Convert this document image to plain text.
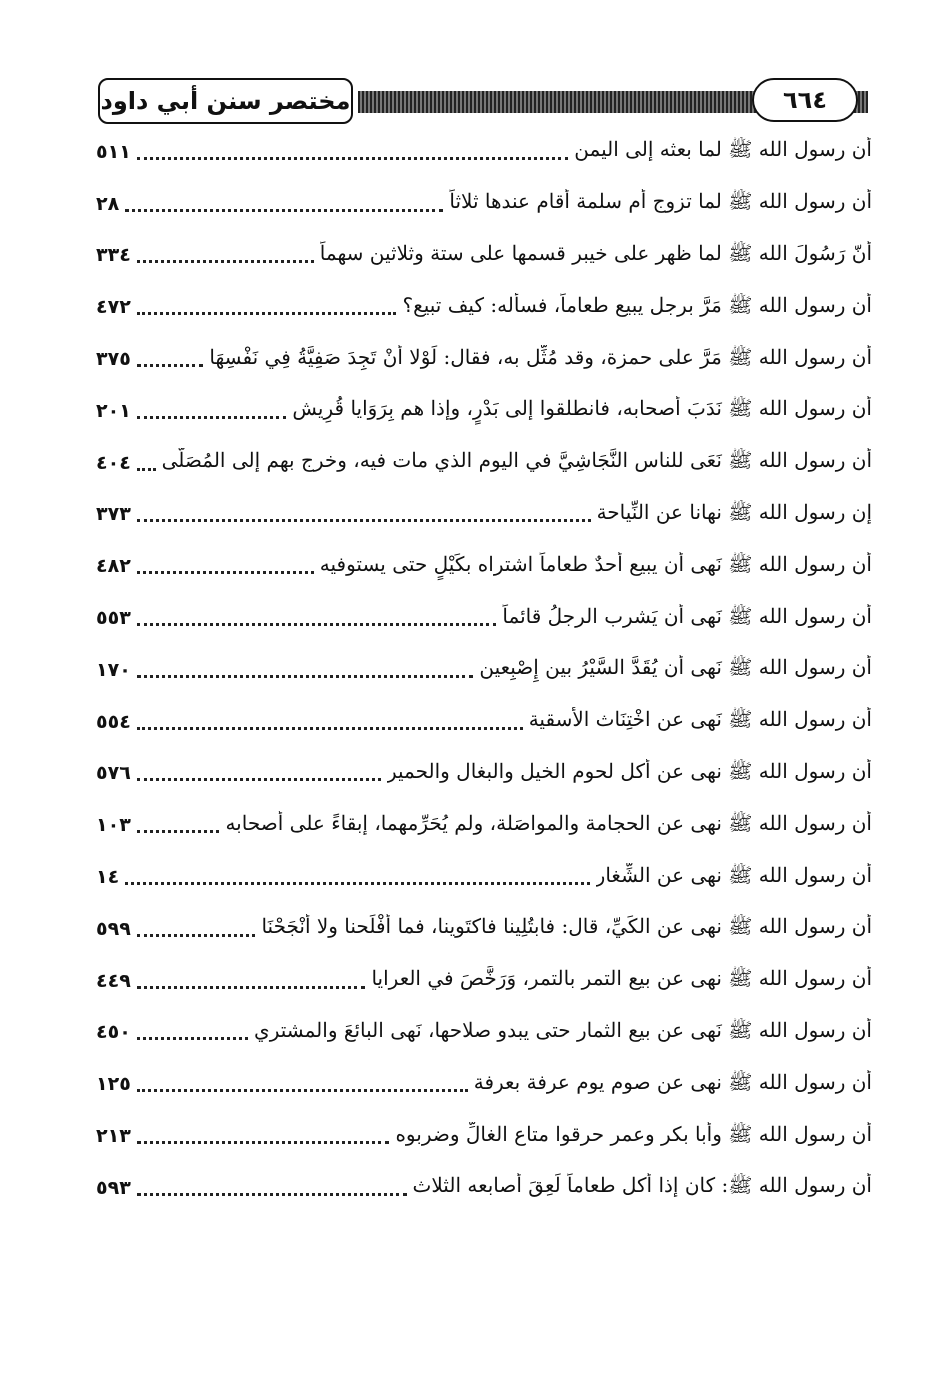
مختصر سنن أبي داود	٦٦٤
أن رسول الله ﷺ لما بعثه إلى اليمن
٥١١
أن رسول الله ﷺ لما تزوج أم سلمة أقام عندها ثلاثاً
٢٨
أنّ رَسُولَ الله ﷺ لما ظهر على خيبر قسمها على ستة وثلاثين سهماً
٣٣٤
أن رسول الله ﷺ مَرَّ برجل يبيع طعاماً، فسأله: كيف تبيع؟
٤٧٢
أن رسول الله ﷺ مَرَّ على حمزة، وقد مُثِّل به، فقال: لَوْلا أَنْ تَجِدَ صَفِيَّةُ فِي نَفْسِهَا
٣٧٥
أن رسول الله ﷺ نَدَبَ أصحابه، فانطلقوا إلى بَدْرٍ، وإذا هم بِرَوَايا قُرِيش
٢٠١
أن رسول الله ﷺ نَعَى للناس النَّجَاشِيَّ في اليوم الذي مات فيه، وخرج بهم إلى المُصَلَّى
٤٠٤
إن رسول الله ﷺ نهانا عن النِّياحة
٣٧٣
أن رسول الله ﷺ نَهى أن يبيع أحدٌ طعاماً اشتراه بكَيْلٍ حتى يستوفيه
٤٨٢
أن رسول الله ﷺ نَهى أن يَشرب الرجلُ قائماً
٥٥٣
أن رسول الله ﷺ نَهى أن يُقَدَّ السَّيْرُ بين إِصْبِعين
١٧٠
أن رسول الله ﷺ نَهى عن اخْتِنَاث الأسقية
٥٥٤
أن رسول الله ﷺ نهى عن أكل لحوم الخيل والبغال والحمير
٥٧٦
أن رسول الله ﷺ نهى عن الحجامة والمواصَلة، ولم يُحَرِّمهما، إبقاءً على أصحابه
١٠٣
أن رسول الله ﷺ نهى عن الشِّغار
١٤
أن رسول الله ﷺ نهى عن الكَيِّ، قال: فابتُلِينا فاكتَوينا، فما أفْلَحنا ولا أَنْجَحْنَا
٥٩٩
أن رسول الله ﷺ نهى عن بيع التمر بالتمر، وَرَخَّصَ في العرايا
٤٤٩
أن رسول الله ﷺ نَهى عن بيع الثمار حتى يبدو صلاحها، نَهى البائعَ والمشتري
٤٥٠
أن رسول الله ﷺ نهى عن صوم يوم عرفة بعرفة
١٢٥
أن رسول الله ﷺ وأبا بكر وعمر حرقوا متاع الغالِّ وضربوه
٢١٣
أن رسول الله ﷺ: كان إذا أكل طعاماً لَعِقَ أصابعه الثلاث
٥٩٣
